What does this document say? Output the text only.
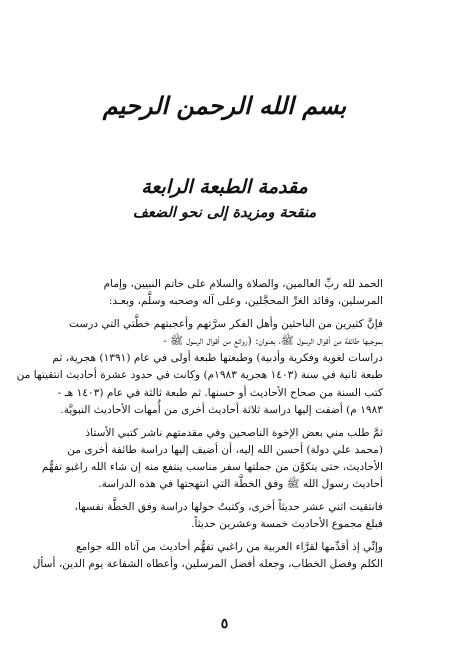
بسم الله الرحمن الرحيم
مقدمة الطبعة الرابعة
منقحة ومزيدة إلى نحو الضعف

الحمد لله ربِّ العالمين، والصلاة والسلام على خاتم النبيين، وإمام
المرسلين، وقائد الغرِّ المحجَّلين، وعلى آله وصحبه وسلَّم، وبعـد:

فإنَّ كثيرين من الباحثين وأهل الفكر سرَّتهم وأعجبتهم خطَّتي التي درست
بموجبها طائفة من أقوال الرسول ﷺ، بعنوان: (روائع من أقوال الرسول ﷺ -
دراسات لغوية وفكرية وأدبية) وطبعتها طبعة أولى في عام (١٣٩١) هجرية، ثم
طبعة ثانية في سنة (١٤٠٣ هجرية ١٩٨٣م) وكانت في حدود عشرة أحاديث انتقيتها من
كتب السنة من صحاح الأحاديث أو حسنها. ثم طبعة ثالثة في عام (١٤٠٣ هـ -
١٩٨٣ م) أضفت إليها دراسة ثلاثة أحاديث أخرى من أُمهات الأحاديث النبويَّة.

ثمَّ طلب مني بعض الإخوة الناصحين وفي مقدمتهم ناشر كتبي الأستاذ
(محمد علي دولة) أحسن الله إليه، أن أضيف إليها دراسة طائفة أخرى من
الأحاديث، حتى يتكوَّن من جملتها سفر مناسب ينتفع منه إن شاء الله راغبو تفهُّم
أحاديث رسول الله ﷺ وفق الخطَّة التي انتهجتها في هذه الدراسة.

فانتقيت اثني عشر حديثاً أخرى، وكتبتُ حولها دراسة وفق الخطَّة نفسها،
فبلغ مجموع الأحاديث خمسة وعشرين حديثاً.

وإنِّي إذ أقدِّمها لقرَّاء العربية من راغبي تفهُّم أحاديث من آتاه الله جوامع
الكلم وفصل الخطاب، وجعله أفضل المرسلين، وأعطاه الشفاعة يوم الدين، أسأل

٥
